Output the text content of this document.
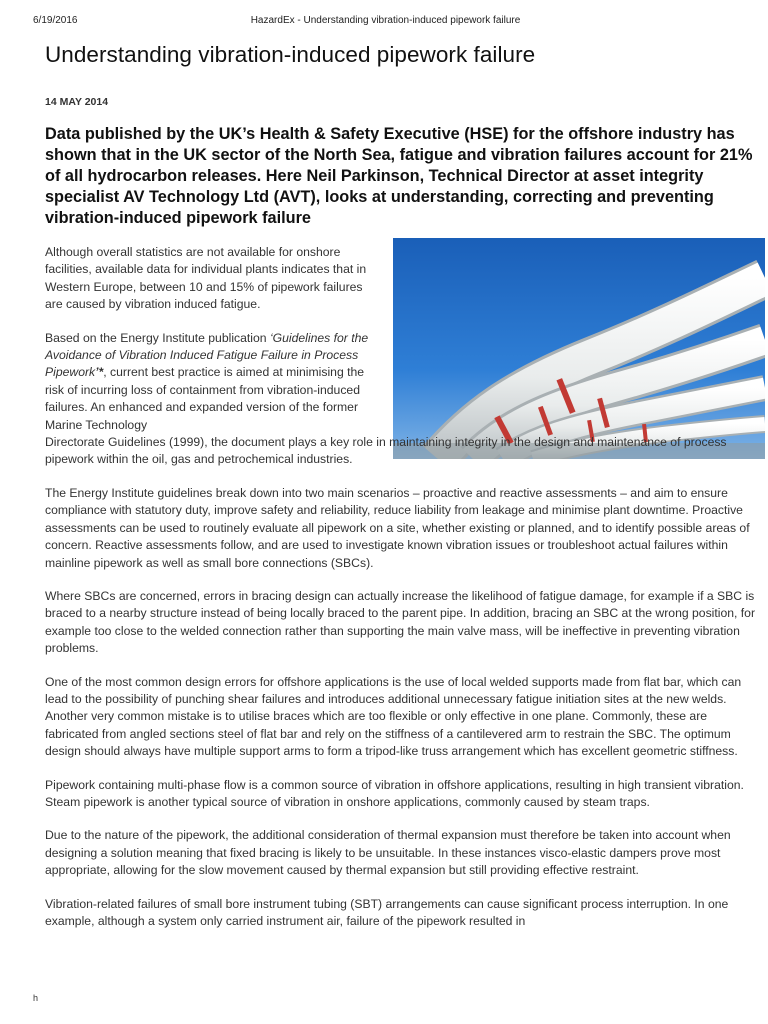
6/19/2016	HazardEx - Understanding vibration-induced pipework failure
Understanding vibration-induced pipework failure
14 MAY 2014

Data published by the UK’s Health & Safety Executive (HSE) for the offshore industry has shown that in the UK sector of the North Sea, fatigue and vibration failures account for 21% of all hydrocarbon releases. Here Neil Parkinson, Technical Director at asset integrity specialist AV Technology Ltd (AVT), looks at understanding, correcting and preventing vibration-induced pipework failure

Although overall statistics are not available for onshore facilities, available data for individual plants indicates that in Western Europe, between 10 and 15% of pipework failures are caused by vibration induced fatigue.

Based on the Energy Institute publication ‘Guidelines for the Avoidance of Vibration Induced Fatigue Failure in Process Pipework’*, current best practice is aimed at minimising the risk of incurring loss of containment from vibration-induced failures. An enhanced and expanded version of the former Marine Technology
Directorate Guidelines (1999), the document plays a key role in maintaining integrity in the design and maintenance of process pipework within the oil, gas and petrochemical industries.

The Energy Institute guidelines break down into two main scenarios – proactive and reactive assessments – and aim to ensure compliance with statutory duty, improve safety and reliability, reduce liability from leakage and minimise plant downtime. Proactive assessments can be used to routinely evaluate all pipework on a site, whether existing or planned, and to identify possible areas of concern. Reactive assessments follow, and are used to investigate known vibration issues or troubleshoot actual failures within mainline pipework as well as small bore connections (SBCs).

Where SBCs are concerned, errors in bracing design can actually increase the likelihood of fatigue damage, for example if a SBC is braced to a nearby structure instead of being locally braced to the parent pipe. In addition, bracing an SBC at the wrong position, for example too close to the welded connection rather than supporting the main valve mass, will be ineffective in preventing vibration problems.

One of the most common design errors for offshore applications is the use of local welded supports made from flat bar, which can lead to the possibility of punching shear failures and introduces additional unnecessary fatigue initiation sites at the new welds. Another very common mistake is to utilise braces which are too flexible or only effective in one plane. Commonly, these are fabricated from angled sections steel of flat bar and rely on the stiffness of a cantilevered arm to restrain the SBC. The optimum design should always have multiple support arms to form a tripod-like truss arrangement which has excellent geometric stiffness.

Pipework containing multi-phase flow is a common source of vibration in offshore applications, resulting in high transient vibration. Steam pipework is another typical source of vibration in onshore applications, commonly caused by steam traps.

Due to the nature of the pipework, the additional consideration of thermal expansion must therefore be taken into account when designing a solution meaning that fixed bracing is likely to be unsuitable. In these instances visco-elastic dampers prove most appropriate, allowing for the slow movement caused by thermal expansion but still providing effective restraint.

Vibration-related failures of small bore instrument tubing (SBT) arrangements can cause significant process interruption. In one example, although a system only carried instrument air, failure of the pipework resulted in

h
